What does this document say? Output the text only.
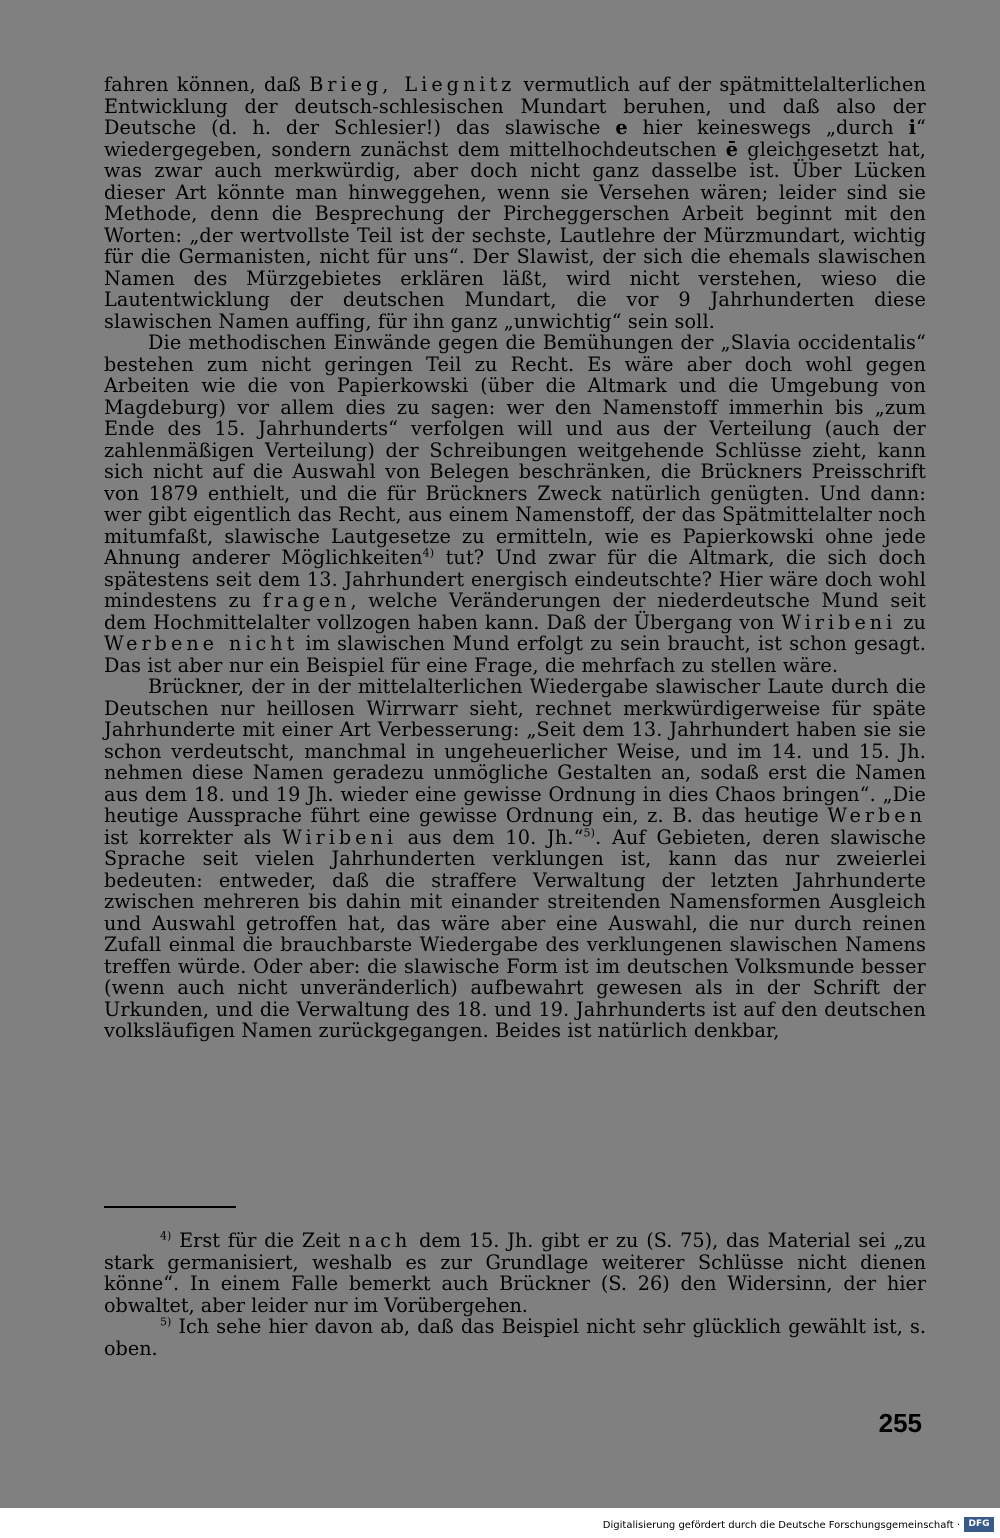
fahren können, daß Brieg, Liegnitz vermutlich auf der spätmittelalterlichen Entwicklung der deutsch-schlesischen Mundart beruhen, und daß also der Deutsche (d. h. der Schlesier!) das slawische e hier keineswegs „durch i“ wiedergegeben, sondern zunächst dem mittelhochdeutschen ē gleichgesetzt hat, was zwar auch merkwürdig, aber doch nicht ganz dasselbe ist. Über Lücken dieser Art könnte man hinweggehen, wenn sie Versehen wären; leider sind sie Methode, denn die Besprechung der Pircheggerschen Arbeit beginnt mit den Worten: „der wertvollste Teil ist der sechste, Lautlehre der Mürzmundart, wichtig für die Germanisten, nicht für uns“. Der Slawist, der sich die ehemals slawischen Namen des Mürzgebietes erklären läßt, wird nicht verstehen, wieso die Lautentwicklung der deutschen Mundart, die vor 9 Jahrhunderten diese slawischen Namen auffing, für ihn ganz „unwichtig“ sein soll.

Die methodischen Einwände gegen die Bemühungen der „Slavia occidentalis“ bestehen zum nicht geringen Teil zu Recht. Es wäre aber doch wohl gegen Arbeiten wie die von Papierkowski (über die Altmark und die Umgebung von Magdeburg) vor allem dies zu sagen: wer den Namenstoff immerhin bis „zum Ende des 15. Jahrhunderts“ verfolgen will und aus der Verteilung (auch der zahlenmäßigen Verteilung) der Schreibungen weitgehende Schlüsse zieht, kann sich nicht auf die Auswahl von Belegen beschränken, die Brückners Preisschrift von 1879 enthielt, und die für Brückners Zweck natürlich genügten. Und dann: wer gibt eigentlich das Recht, aus einem Namenstoff, der das Spätmittelalter noch mitumfaßt, slawische Lautgesetze zu ermitteln, wie es Papierkowski ohne jede Ahnung anderer Möglichkeiten$^{4)}$ tut? Und zwar für die Altmark, die sich doch spätestens seit dem 13. Jahrhundert energisch eindeutschte? Hier wäre doch wohl mindestens zu fragen, welche Veränderungen der niederdeutsche Mund seit dem Hochmittelalter vollzogen haben kann. Daß der Übergang von Wiribeni zu Werbene nicht im slawischen Mund erfolgt zu sein braucht, ist schon gesagt. Das ist aber nur ein Beispiel für eine Frage, die mehrfach zu stellen wäre.

Brückner, der in der mittelalterlichen Wiedergabe slawischer Laute durch die Deutschen nur heillosen Wirrwarr sieht, rechnet merkwürdigerweise für späte Jahrhunderte mit einer Art Verbesserung: „Seit dem 13. Jahrhundert haben sie sie schon verdeutscht, manchmal in ungeheuerlicher Weise, und im 14. und 15. Jh. nehmen diese Namen geradezu unmögliche Gestalten an, sodaß erst die Namen aus dem 18. und 19 Jh. wieder eine gewisse Ordnung in dies Chaos bringen“. „Die heutige Aussprache führt eine gewisse Ordnung ein, z. B. das heutige Werben ist korrekter als Wiribeni aus dem 10. Jh.“$^{5)}$. Auf Gebieten, deren slawische Sprache seit vielen Jahrhunderten verklungen ist, kann das nur zweierlei bedeuten: entweder, daß die straffere Verwaltung der letzten Jahrhunderte zwischen mehreren bis dahin mit einander streitenden Namensformen Ausgleich und Auswahl getroffen hat, das wäre aber eine Auswahl, die nur durch reinen Zufall einmal die brauchbarste Wiedergabe des verklungenen slawischen Namens treffen würde. Oder aber: die slawische Form ist im deutschen Volksmunde besser (wenn auch nicht unveränderlich) aufbewahrt gewesen als in der Schrift der Urkunden, und die Verwaltung des 18. und 19. Jahrhunderts ist auf den deutschen volksläufigen Namen zurückgegangen. Beides ist natürlich denkbar,

$^{4)}$ Erst für die Zeit nach dem 15. Jh. gibt er zu (S. 75), das Material sei „zu stark germanisiert, weshalb es zur Grundlage weiterer Schlüsse nicht dienen könne“. In einem Falle bemerkt auch Brückner (S. 26) den Widersinn, der hier obwaltet, aber leider nur im Vorübergehen.

$^{5)}$ Ich sehe hier davon ab, daß das Beispiel nicht sehr glücklich gewählt ist, s. oben.

255
Digitalisierung gefördert durch die Deutsche Forschungsgemeinschaft · DFG
